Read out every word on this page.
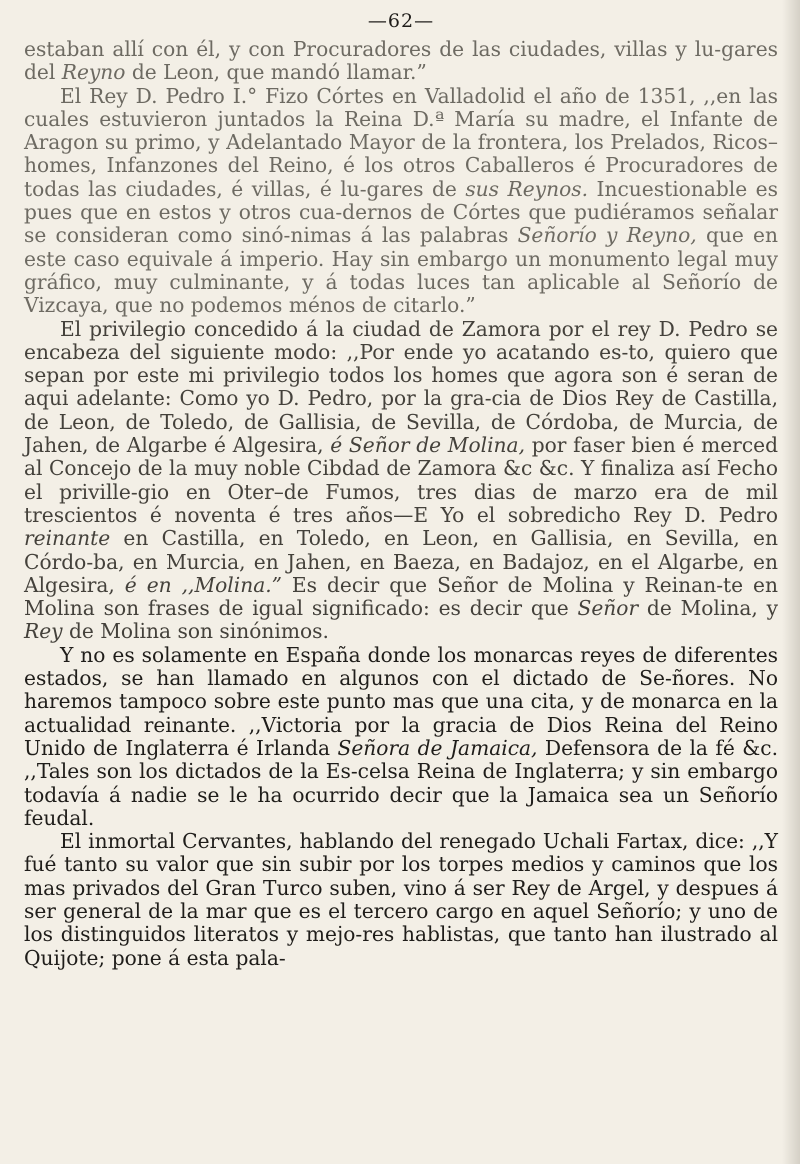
—62—

estaban allí con él, y con Procuradores de las ciudades, villas y lu-gares del Reyno de Leon, que mandó llamar.”

El Rey D. Pedro I.° Fizo Córtes en Valladolid el año de 1351, ,,en las cuales estuvieron juntados la Reina D.ª María su madre, el Infante de Aragon su primo, y Adelantado Mayor de la frontera, los Prelados, Ricos–homes, Infanzones del Reino, é los otros Caballeros é Procuradores de todas las ciudades, é villas, é lu-gares de sus Reynos. Incuestionable es pues que en estos y otros cua-dernos de Córtes que pudiéramos señalar se consideran como sinó-nimas á las palabras Señorío y Reyno, que en este caso equivale á imperio. Hay sin embargo un monumento legal muy gráfico, muy culminante, y á todas luces tan aplicable al Señorío de Vizcaya, que no podemos ménos de citarlo.”

El privilegio concedido á la ciudad de Zamora por el rey D. Pedro se encabeza del siguiente modo: ,,Por ende yo acatando es-to, quiero que sepan por este mi privilegio todos los homes que agora son é seran de aqui adelante: Como yo D. Pedro, por la gra-cia de Dios Rey de Castilla, de Leon, de Toledo, de Gallisia, de Sevilla, de Córdoba, de Murcia, de Jahen, de Algarbe é Algesira, é Señor de Molina, por faser bien é merced al Concejo de la muy noble Cibdad de Zamora &c &c. Y finaliza así Fecho el priville-gio en Oter–de Fumos, tres dias de marzo era de mil trescientos é noventa é tres años—E Yo el sobredicho Rey D. Pedro reinante en Castilla, en Toledo, en Leon, en Gallisia, en Sevilla, en Córdo-ba, en Murcia, en Jahen, en Baeza, en Badajoz, en el Algarbe, en Algesira, é en ,,Molina.” Es decir que Señor de Molina y Reinan-te en Molina son frases de igual significado: es decir que Señor de Molina, y Rey de Molina son sinónimos.

Y no es solamente en España donde los monarcas reyes de diferentes estados, se han llamado en algunos con el dictado de Se-ñores. No haremos tampoco sobre este punto mas que una cita, y de monarca en la actualidad reinante. ,,Victoria por la gracia de Dios Reina del Reino Unido de Inglaterra é Irlanda Señora de Jamaica, Defensora de la fé &c. ,,Tales son los dictados de la Es-celsa Reina de Inglaterra; y sin embargo todavía á nadie se le ha ocurrido decir que la Jamaica sea un Señorío feudal.

El inmortal Cervantes, hablando del renegado Uchali Fartax, dice: ,,Y fué tanto su valor que sin subir por los torpes medios y caminos que los mas privados del Gran Turco suben, vino á ser Rey de Argel, y despues á ser general de la mar que es el tercero cargo en aquel Señorío; y uno de los distinguidos literatos y mejo-res hablistas, que tanto han ilustrado al Quijote; pone á esta pala-
